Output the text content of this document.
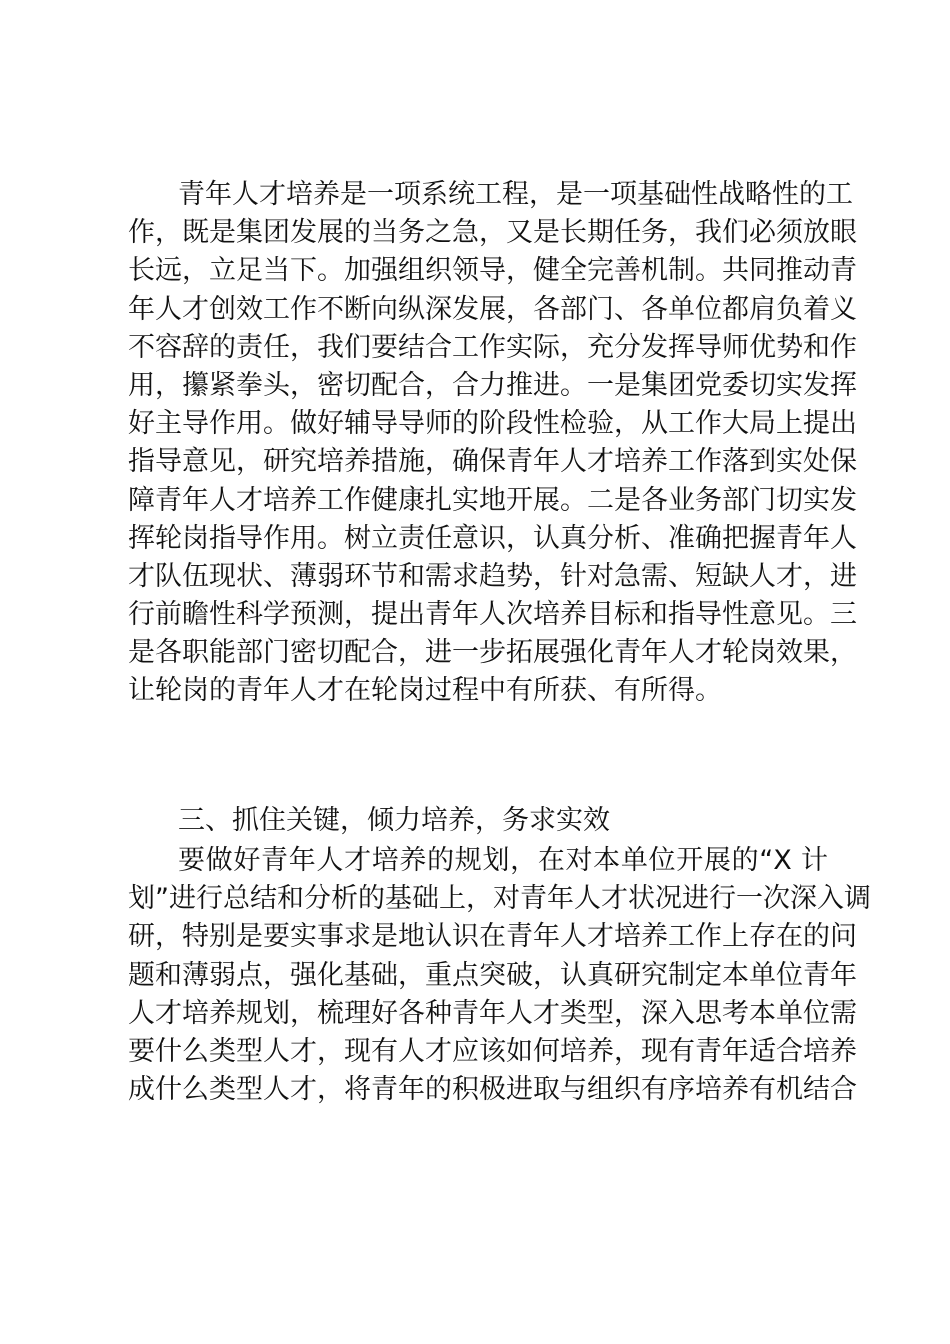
青年人才培养是一项系统工程，是一项基础性战略性的工
作，既是集团发展的当务之急，又是长期任务，我们必须放眼
长远，立足当下。加强组织领导，健全完善机制。共同推动青
年人才创效工作不断向纵深发展，各部门、各单位都肩负着义
不容辞的责任，我们要结合工作实际，充分发挥导师优势和作
用，攥紧拳头，密切配合，合力推进。一是集团党委切实发挥
好主导作用。做好辅导导师的阶段性检验，从工作大局上提出
指导意见，研究培养措施，确保青年人才培养工作落到实处保
障青年人才培养工作健康扎实地开展。二是各业务部门切实发
挥轮岗指导作用。树立责任意识，认真分析、准确把握青年人
才队伍现状、薄弱环节和需求趋势，针对急需、短缺人才，进
行前瞻性科学预测，提出青年人次培养目标和指导性意见。三
是各职能部门密切配合，进一步拓展强化青年人才轮岗效果，
让轮岗的青年人才在轮岗过程中有所获、有所得。
三、抓住关键，倾力培养，务求实效
要做好青年人才培养的规划，在对本单位开展的“X 计
划”进行总结和分析的基础上，对青年人才状况进行一次深入调
研，特别是要实事求是地认识在青年人才培养工作上存在的问
题和薄弱点，强化基础，重点突破，认真研究制定本单位青年
人才培养规划，梳理好各种青年人才类型，深入思考本单位需
要什么类型人才，现有人才应该如何培养，现有青年适合培养
成什么类型人才，将青年的积极进取与组织有序培养有机结合
